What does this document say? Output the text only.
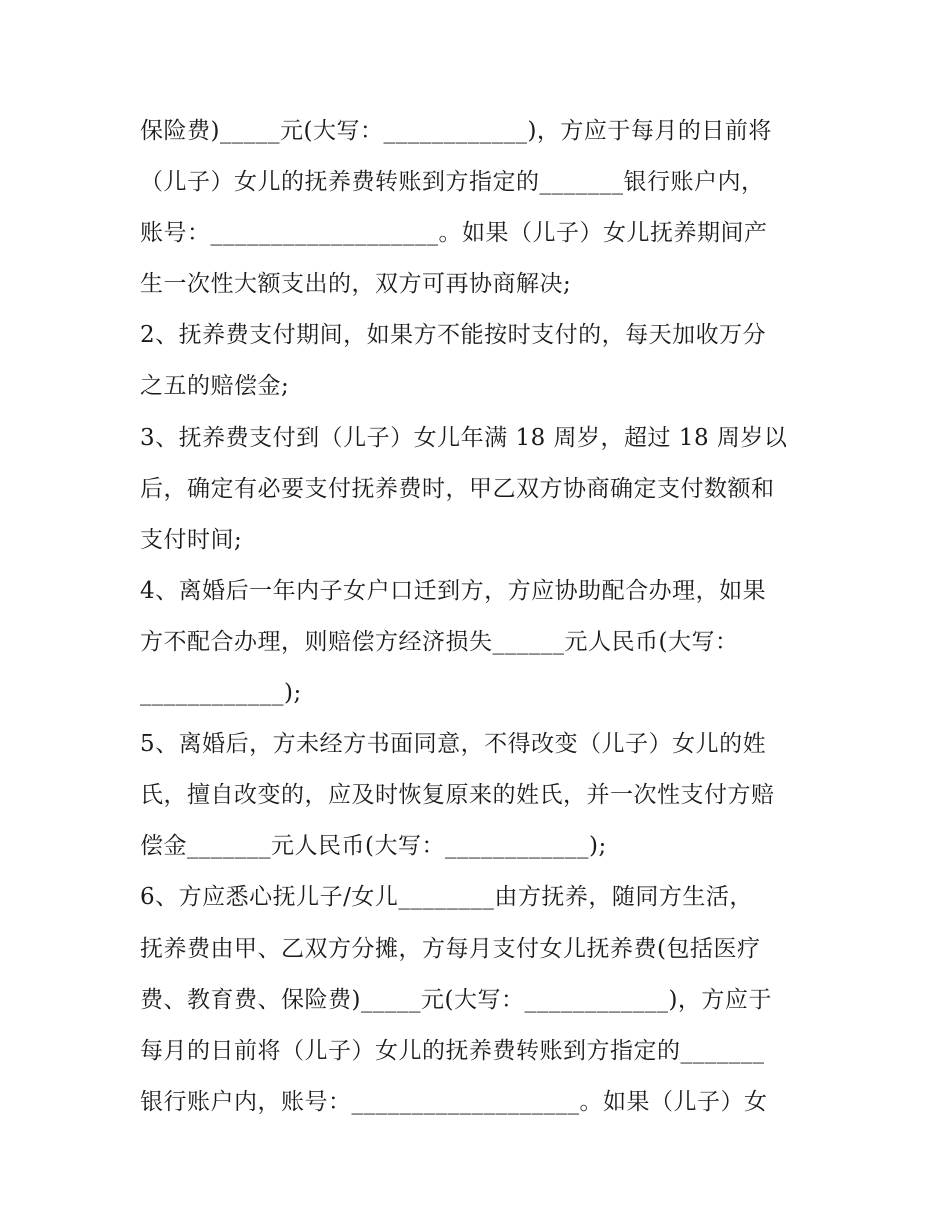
保险费)_____元(大写：____________)，方应于每月的日前将
（儿子）女儿的抚养费转账到方指定的_______银行账户内，
账号：___________________。如果（儿子）女儿抚养期间产
生一次性大额支出的，双方可再协商解决;
2、抚养费支付期间，如果方不能按时支付的，每天加收万分
之五的赔偿金;
3、抚养费支付到（儿子）女儿年满 18 周岁，超过 18 周岁以
后，确定有必要支付抚养费时，甲乙双方协商确定支付数额和
支付时间;
4、离婚后一年内子女户口迁到方，方应协助配合办理，如果
方不配合办理，则赔偿方经济损失______元人民币(大写：
____________);
5、离婚后，方未经方书面同意，不得改变（儿子）女儿的姓
氏，擅自改变的，应及时恢复原来的姓氏，并一次性支付方赔
偿金_______元人民币(大写：____________);
6、方应悉心抚儿子/女儿________由方抚养，随同方生活，
抚养费由甲、乙双方分摊，方每月支付女儿抚养费(包括医疗
费、教育费、保险费)_____元(大写：____________)，方应于
每月的日前将（儿子）女儿的抚养费转账到方指定的_______
银行账户内，账号：___________________。如果（儿子）女
